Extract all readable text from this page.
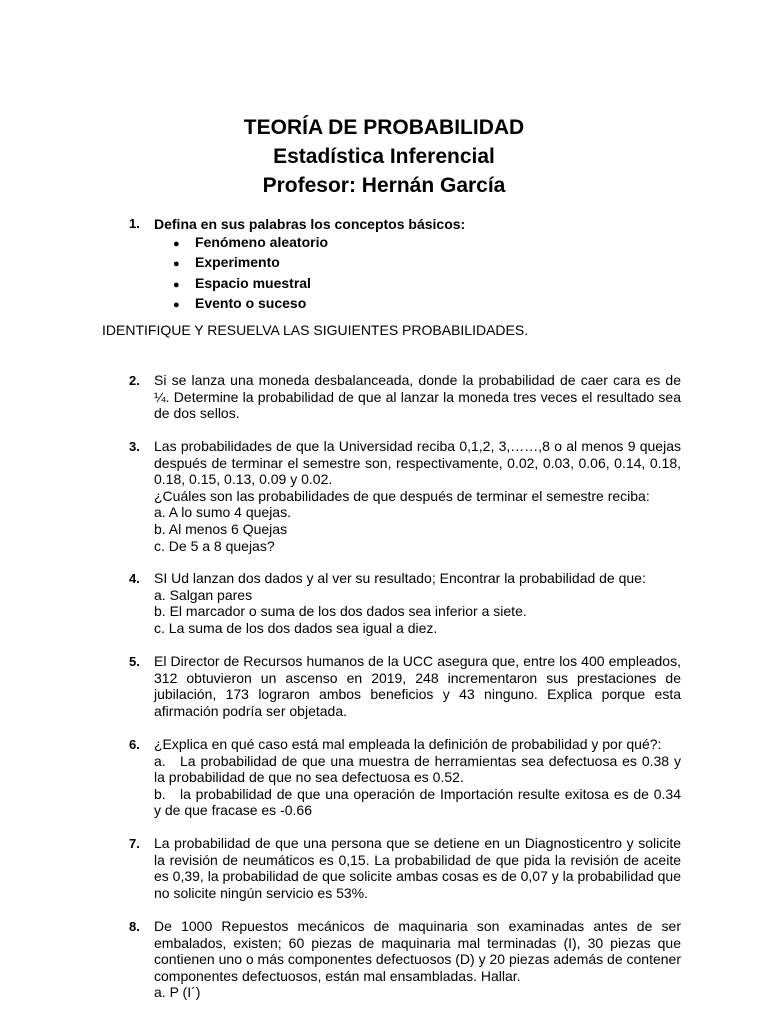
TEORÍA DE PROBABILIDAD
Estadística Inferencial
Profesor: Hernán García
1. Defina en sus palabras los conceptos básicos:
● Fenómeno aleatorio
● Experimento
● Espacio muestral
● Evento o suceso
IDENTIFIQUE Y RESUELVA LAS SIGUIENTES PROBABILIDADES.
2. Si se lanza una moneda desbalanceada, donde la probabilidad de caer cara es de ¼. Determine la probabilidad de que al lanzar la moneda tres veces el resultado sea de dos sellos.

3. Las probabilidades de que la Universidad reciba 0,1,2, 3,……,8 o al menos 9 quejas después de terminar el semestre son, respectivamente, 0.02, 0.03, 0.06, 0.14, 0.18, 0.18, 0.15, 0.13, 0.09 y 0.02.

¿Cuáles son las probabilidades de que después de terminar el semestre reciba:

a. A lo sumo 4 quejas.

b. Al menos 6 Quejas

c. De 5 a 8 quejas?

4. SI Ud lanzan dos dados y al ver su resultado; Encontrar la probabilidad de que:

a. Salgan pares

b. El marcador o suma de los dos dados sea inferior a siete.

c. La suma de los dos dados sea igual a diez.

5. El Director de Recursos humanos de la UCC asegura que, entre los 400 empleados, 312 obtuvieron un ascenso en 2019, 248 incrementaron sus prestaciones de jubilación, 173 lograron ambos beneficios y 43 ninguno. Explica porque esta afirmación podría ser objetada.

6. ¿Explica en qué caso está mal empleada la definición de probabilidad y por qué?:

a. La probabilidad de que una muestra de herramientas sea defectuosa es 0.38 y la probabilidad de que no sea defectuosa es 0.52.

b. la probabilidad de que una operación de Importación resulte exitosa es de 0.34 y de que fracase es -0.66

7. La probabilidad de que una persona que se detiene en un Diagnosticentro y solicite la revisión de neumáticos es 0,15. La probabilidad de que pida la revisión de aceite es 0,39, la probabilidad de que solicite ambas cosas es de 0,07 y la probabilidad que no solicite ningún servicio es 53%.

8. De 1000 Repuestos mecánicos de maquinaria son examinadas antes de ser embalados, existen; 60 piezas de maquinaria mal terminadas (I), 30 piezas que contienen uno o más componentes defectuosos (D) y 20 piezas además de contener componentes defectuosos, están mal ensambladas. Hallar.

a. P (I´)
